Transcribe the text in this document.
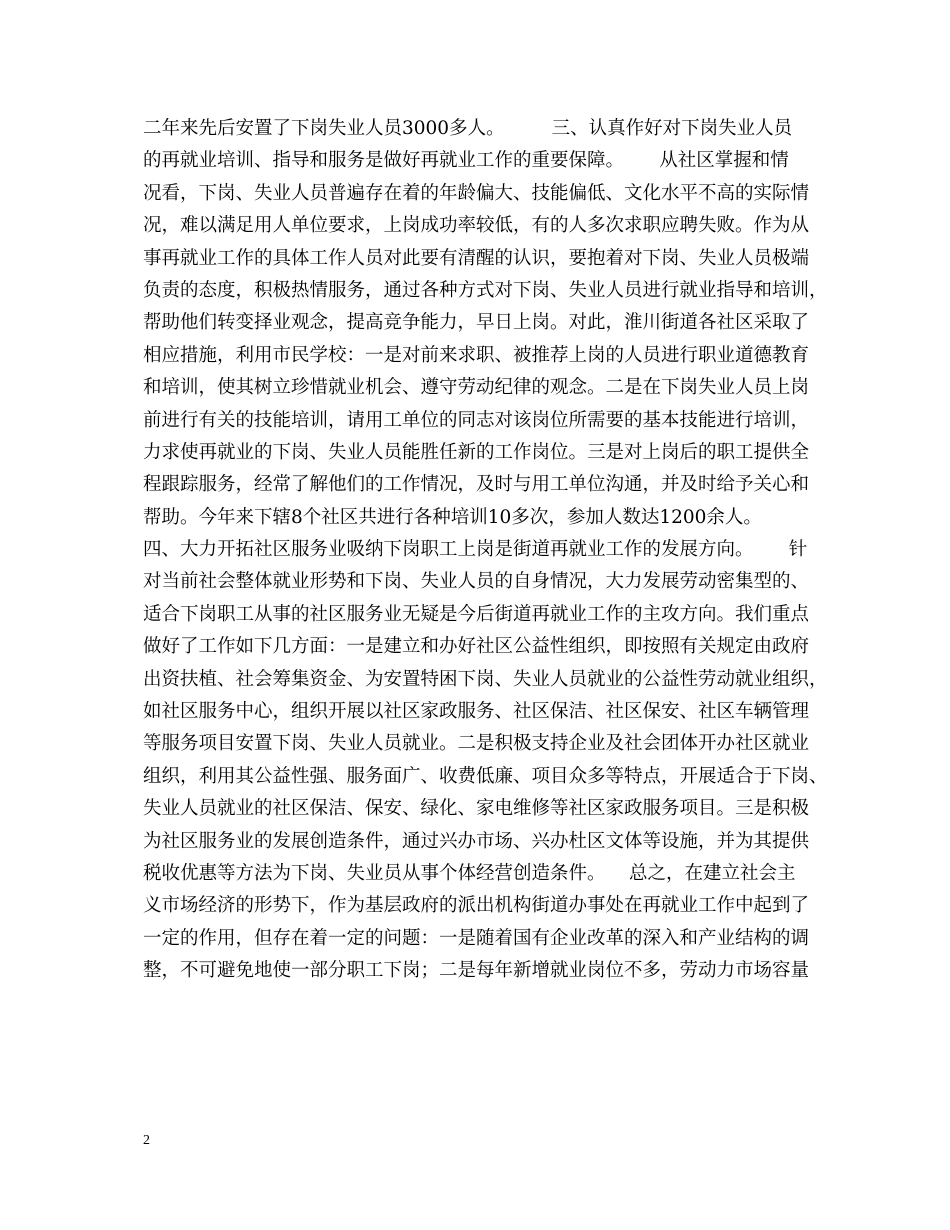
二年来先后安置了下岗失业人员3000多人。        三、认真作好对下岗失业人员
的再就业培训、指导和服务是做好再就业工作的重要保障。      从社区掌握和情
况看，下岗、失业人员普遍存在着的年龄偏大、技能偏低、文化水平不高的实际情
况，难以满足用人单位要求，上岗成功率较低，有的人多次求职应聘失败。作为从
事再就业工作的具体工作人员对此要有清醒的认识，要抱着对下岗、失业人员极端
负责的态度，积极热情服务，通过各种方式对下岗、失业人员进行就业指导和培训，
帮助他们转变择业观念，提高竞争能力，早日上岗。对此，淮川街道各社区采取了
相应措施，利用市民学校：一是对前来求职、被推荐上岗的人员进行职业道德教育
和培训，使其树立珍惜就业机会、遵守劳动纪律的观念。二是在下岗失业人员上岗
前进行有关的技能培训，请用工单位的同志对该岗位所需要的基本技能进行培训，
力求使再就业的下岗、失业人员能胜任新的工作岗位。三是对上岗后的职工提供全
程跟踪服务，经常了解他们的工作情况，及时与用工单位沟通，并及时给予关心和
帮助。今年来下辖8个社区共进行各种培训10多次，参加人数达1200余人。
四、大力开拓社区服务业吸纳下岗职工上岗是街道再就业工作的发展方向。      针
对当前社会整体就业形势和下岗、失业人员的自身情况，大力发展劳动密集型的、
适合下岗职工从事的社区服务业无疑是今后街道再就业工作的主攻方向。我们重点
做好了工作如下几方面：一是建立和办好社区公益性组织，即按照有关规定由政府
出资扶植、社会筹集资金、为安置特困下岗、失业人员就业的公益性劳动就业组织，
如社区服务中心，组织开展以社区家政服务、社区保洁、社区保安、社区车辆管理
等服务项目安置下岗、失业人员就业。二是积极支持企业及社会团体开办社区就业
组织，利用其公益性强、服务面广、收费低廉、项目众多等特点，开展适合于下岗、
失业人员就业的社区保洁、保安、绿化、家电维修等社区家政服务项目。三是积极
为社区服务业的发展创造条件，通过兴办市场、兴办杜区文体等设施，并为其提供
税收优惠等方法为下岗、失业员从事个体经营创造条件。    总之，在建立社会主
义市场经济的形势下，作为基层政府的派出机构街道办事处在再就业工作中起到了
一定的作用，但存在着一定的问题：一是随着国有企业改革的深入和产业结构的调
整，不可避免地使一部分职工下岗；二是每年新增就业岗位不多，劳动力市场容量
2
